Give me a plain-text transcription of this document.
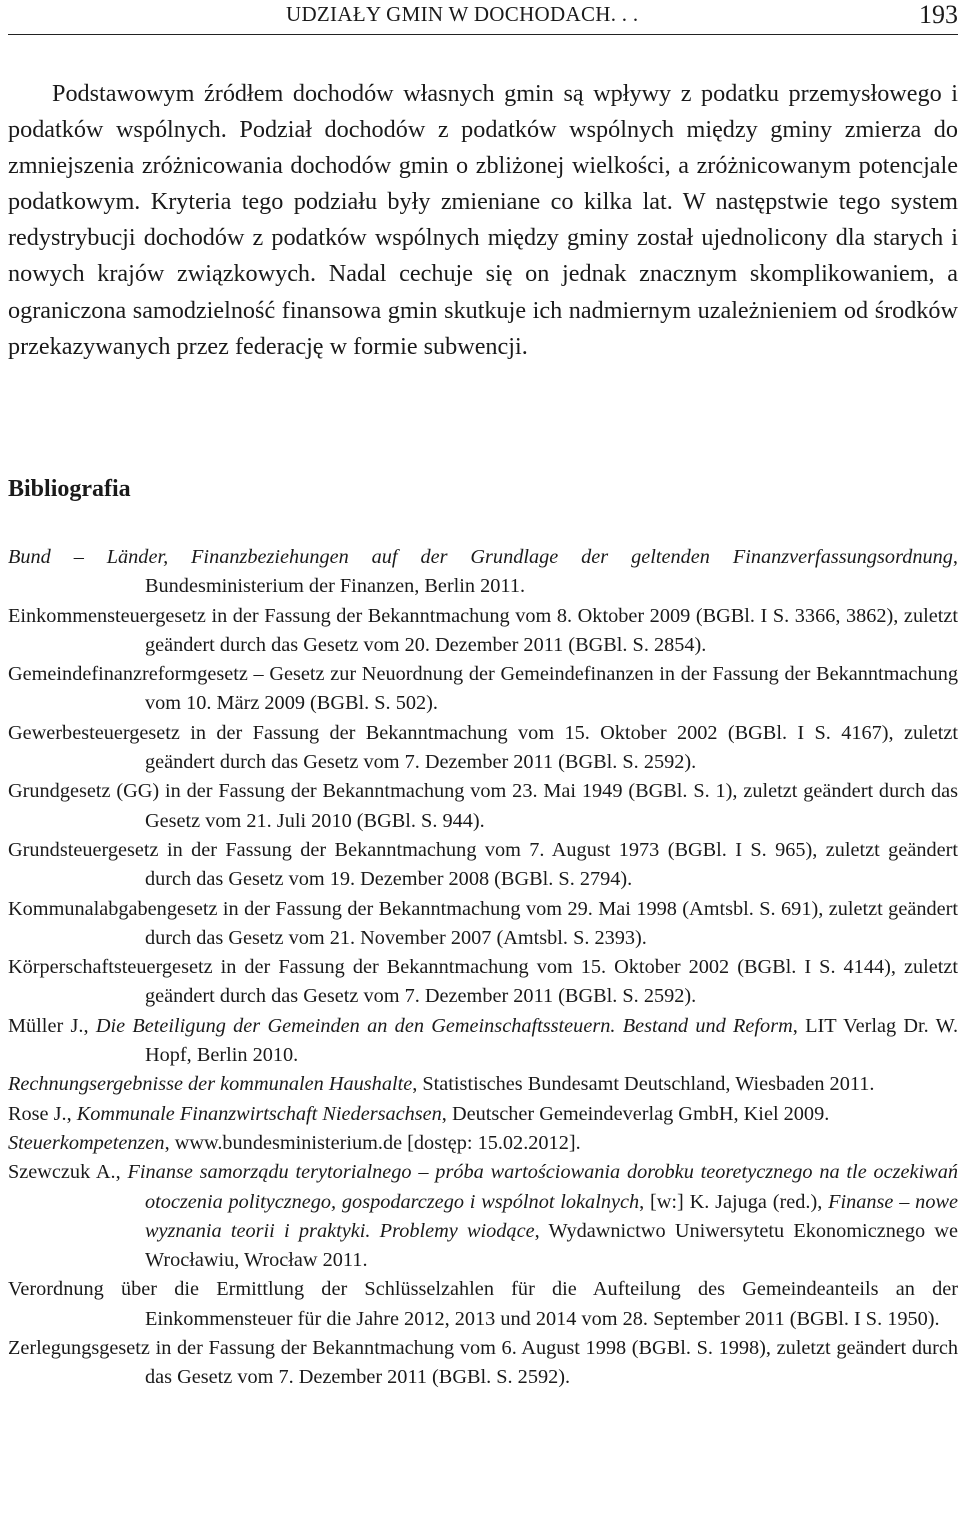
UDZIAŁY GMIN W DOCHODACH. . .	193

Podstawowym źródłem dochodów własnych gmin są wpływy z podatku przemysłowego i podatków wspólnych. Podział dochodów z podatków wspólnych między gminy zmierza do zmniejszenia zróżnicowania dochodów gmin o zbliżonej wielkości, a zróżnicowanym potencjale podatkowym. Kryteria tego podziału były zmieniane co kilka lat. W następstwie tego system redystrybucji dochodów z podatków wspólnych między gminy został ujednolicony dla starych i nowych krajów związkowych. Nadal cechuje się on jednak znacznym skomplikowaniem, a ograniczona samodzielność finansowa gmin skutkuje ich nadmiernym uzależnieniem od środków przekazywanych przez federację w formie subwencji.

Bibliografia
Bund – Länder, Finanzbeziehungen auf der Grundlage der geltenden Finanzverfassungsordnung, Bundesministerium der Finanzen, Berlin 2011.
Einkommensteuergesetz in der Fassung der Bekanntmachung vom 8. Oktober 2009 (BGBl. I S. 3366, 3862), zuletzt geändert durch das Gesetz vom 20. Dezember 2011 (BGBl. S. 2854).
Gemeindefinanzreformgesetz – Gesetz zur Neuordnung der Gemeindefinanzen in der Fassung der Bekanntmachung vom 10. März 2009 (BGBl. S. 502).
Gewerbesteuergesetz in der Fassung der Bekanntmachung vom 15. Oktober 2002 (BGBl. I S. 4167), zuletzt geändert durch das Gesetz vom 7. Dezember 2011 (BGBl. S. 2592).
Grundgesetz (GG) in der Fassung der Bekanntmachung vom 23. Mai 1949 (BGBl. S. 1), zuletzt geändert durch das Gesetz vom 21. Juli 2010 (BGBl. S. 944).
Grundsteuergesetz in der Fassung der Bekanntmachung vom 7. August 1973 (BGBl. I S. 965), zuletzt geändert durch das Gesetz vom 19. Dezember 2008 (BGBl. S. 2794).
Kommunalabgabengesetz in der Fassung der Bekanntmachung vom 29. Mai 1998 (Amtsbl. S. 691), zuletzt geändert durch das Gesetz vom 21. November 2007 (Amtsbl. S. 2393).
Körperschaftsteuergesetz in der Fassung der Bekanntmachung vom 15. Oktober 2002 (BGBl. I S. 4144), zuletzt geändert durch das Gesetz vom 7. Dezember 2011 (BGBl. S. 2592).
Müller J., Die Beteiligung der Gemeinden an den Gemeinschaftssteuern. Bestand und Reform, LIT Verlag Dr. W. Hopf, Berlin 2010.
Rechnungsergebnisse der kommunalen Haushalte, Statistisches Bundesamt Deutschland, Wiesbaden 2011.
Rose J., Kommunale Finanzwirtschaft Niedersachsen, Deutscher Gemeindeverlag GmbH, Kiel 2009.
Steuerkompetenzen, www.bundesministerium.de [dostęp: 15.02.2012].
Szewczuk A., Finanse samorządu terytorialnego – próba wartościowania dorobku teoretycznego na tle oczekiwań otoczenia politycznego, gospodarczego i wspólnot lokalnych, [w:] K. Jajuga (red.), Finanse – nowe wyznania teorii i praktyki. Problemy wiodące, Wydawnictwo Uniwersytetu Ekonomicznego we Wrocławiu, Wrocław 2011.
Verordnung über die Ermittlung der Schlüsselzahlen für die Aufteilung des Gemeindeanteils an der Einkommensteuer für die Jahre 2012, 2013 und 2014 vom 28. September 2011 (BGBl. I S. 1950).
Zerlegungsgesetz in der Fassung der Bekanntmachung vom 6. August 1998 (BGBl. S. 1998), zuletzt geändert durch das Gesetz vom 7. Dezember 2011 (BGBl. S. 2592).
